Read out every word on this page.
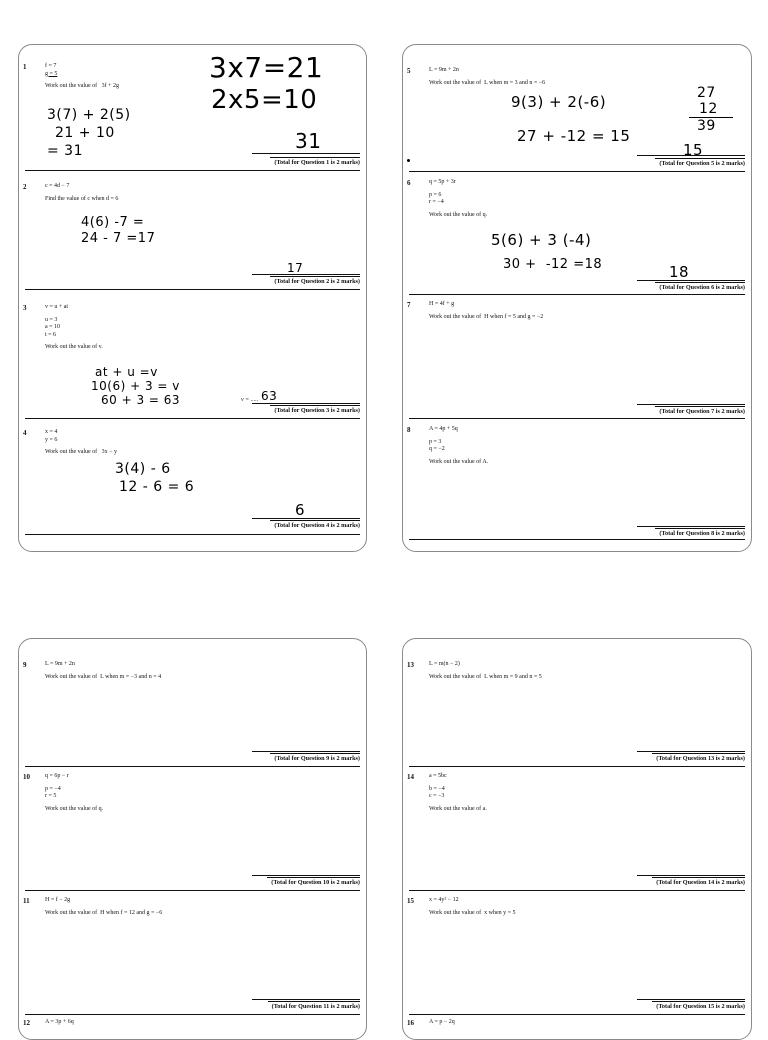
1	f = 7
g = 5
Work out the value of   3f + 2g
3x7=21
2x5=10
3(7) + 2(5)
21 + 10
= 31	31
(Total for Question 1 is 2 marks)
2	c = 4d − 7
Find the value of c when d = 6
4(6) -7 =
24 - 7 =17
17
(Total for Question 2 is 2 marks)
3	v = u + at
u = 3
a = 10
t = 6
Work out the value of v.
at + u =v
10(6) + 3 = v
60 + 3 = 63	v = ..... 63
(Total for Question 3 is 2 marks)
4	x = 4
y = 6
Work out the value of   3x − y
3(4) - 6
12 - 6 = 6
6
(Total for Question 4 is 2 marks)
5	L = 9m + 2n
Work out the value of  L when m = 3 and n = −6
9(3) + 2(-6)
27 + -12 = 15
27
12
39
15
(Total for Question 5 is 2 marks)
6	q = 5p + 3r
p = 6
r = −4
Work out the value of q.
5(6) + 3 (-4)
30 +  -12 =18	18
(Total for Question 6 is 2 marks)
7	H = 4f + g
Work out the value of  H when f = 5 and g = −2
(Total for Question 7 is 2 marks)
8	A = 4p + 5q
p = 3
q = −2
Work out the value of A.
(Total for Question 8 is 2 marks)
9	L = 9m + 2n
Work out the value of  L when m = −3 and n = 4
(Total for Question 9 is 2 marks)
10	q = 6p − r
p = −4
r = 5
Work out the value of q.
(Total for Question 10 is 2 marks)
11	H = f − 2g
Work out the value of  H when f = 12 and g = −6
(Total for Question 11 is 2 marks)
12	A = 3p + 6q
13	L = m(n − 2)
Work out the value of  L when m = 9 and n = 5
(Total for Question 13 is 2 marks)
14	a = 5bc
b = −4
c = −3
Work out the value of a.
(Total for Question 14 is 2 marks)
15	x = 4y² − 12
Work out the value of  x when y = 5
(Total for Question 15 is 2 marks)
16	A = p − 2q
